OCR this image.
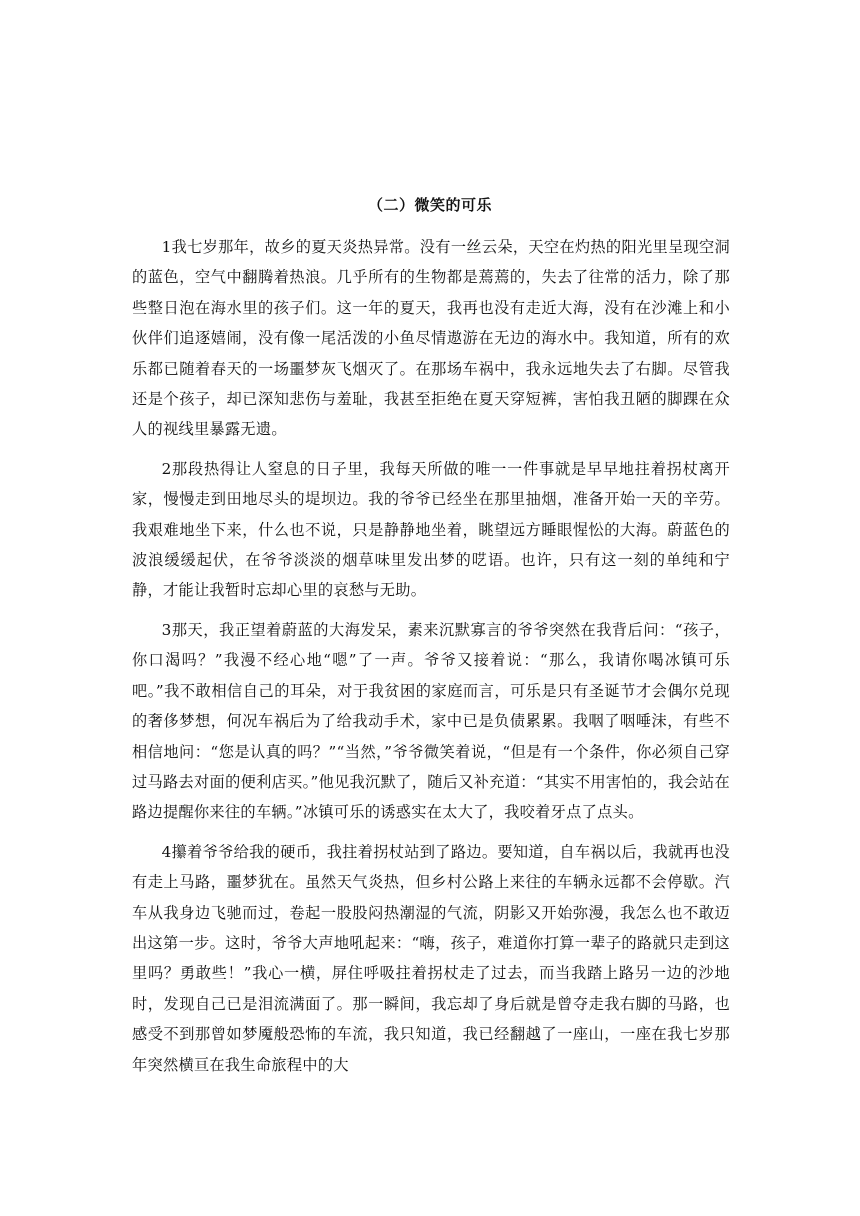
（二）微笑的可乐

1我七岁那年，故乡的夏天炎热异常。没有一丝云朵，天空在灼热的阳光里呈现空洞的蓝色，空气中翻腾着热浪。几乎所有的生物都是蔫蔫的，失去了往常的活力，除了那些整日泡在海水里的孩子们。这一年的夏天，我再也没有走近大海，没有在沙滩上和小伙伴们追逐嬉闹，没有像一尾活泼的小鱼尽情遨游在无边的海水中。我知道，所有的欢乐都已随着春天的一场噩梦灰飞烟灭了。在那场车祸中，我永远地失去了右脚。尽管我还是个孩子，却已深知悲伤与羞耻，我甚至拒绝在夏天穿短裤，害怕我丑陋的脚踝在众人的视线里暴露无遗。

2那段热得让人窒息的日子里，我每天所做的唯一一件事就是早早地拄着拐杖离开家，慢慢走到田地尽头的堤坝边。我的爷爷已经坐在那里抽烟，准备开始一天的辛劳。我艰难地坐下来，什么也不说，只是静静地坐着，眺望远方睡眼惺忪的大海。蔚蓝色的波浪缓缓起伏，在爷爷淡淡的烟草味里发出梦的呓语。也许，只有这一刻的单纯和宁静，才能让我暂时忘却心里的哀愁与无助。

3那天，我正望着蔚蓝的大海发呆，素来沉默寡言的爷爷突然在我背后问：“孩子，你口渴吗？”我漫不经心地“嗯”了一声。爷爷又接着说：“那么，我请你喝冰镇可乐吧。”我不敢相信自己的耳朵，对于我贫困的家庭而言，可乐是只有圣诞节才会偶尔兑现的奢侈梦想，何况车祸后为了给我动手术，家中已是负债累累。我咽了咽唾沫，有些不相信地问：“您是认真的吗？”“当然，”爷爷微笑着说，“但是有一个条件，你必须自己穿过马路去对面的便利店买。”他见我沉默了，随后又补充道：“其实不用害怕的，我会站在路边提醒你来往的车辆。”冰镇可乐的诱惑实在太大了，我咬着牙点了点头。

4攥着爷爷给我的硬币，我拄着拐杖站到了路边。要知道，自车祸以后，我就再也没有走上马路，噩梦犹在。虽然天气炎热，但乡村公路上来往的车辆永远都不会停歇。汽车从我身边飞驰而过，卷起一股股闷热潮湿的气流，阴影又开始弥漫，我怎么也不敢迈出这第一步。这时，爷爷大声地吼起来：“嗨，孩子，难道你打算一辈子的路就只走到这里吗？勇敢些！”我心一横，屏住呼吸拄着拐杖走了过去，而当我踏上路另一边的沙地时，发现自己已是泪流满面了。那一瞬间，我忘却了身后就是曾夺走我右脚的马路，也感受不到那曾如梦魇般恐怖的车流，我只知道，我已经翻越了一座山，一座在我七岁那年突然横亘在我生命旅程中的大
